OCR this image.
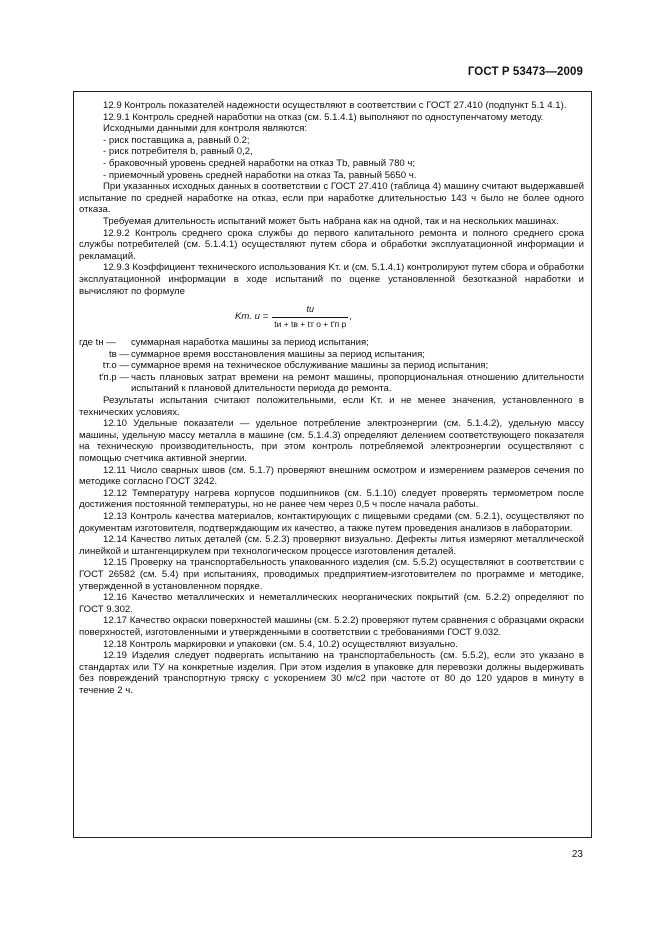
ГОСТ Р 53473—2009

12.9 Контроль показателей надежности осуществляют в соответствии с ГОСТ 27.410 (подпункт 5.1 4.1).

12.9.1 Контроль средней наработки на отказ (см. 5.1.4.1) выполняют по одноступенчатому методу.

Исходными данными для контроля являются:

- риск поставщика a, равный 0.2;

- риск потребителя b, равный 0,2,

- браковочный уровень средней наработки на отказ Tb, равный 780 ч;

- приемочный уровень средней наработки на отказ Ta, равный 5650 ч.

При указанных исходных данных в соответствии с ГОСТ 27.410 (таблица 4) машину считают выдержавшей испытание по средней наработке на отказ, если при наработке длительностью 143 ч было не более одного отказа.

Требуемая длительность испытаний может быть набрана как на одной, так и на нескольких машинах.

12.9.2 Контроль среднего срока службы до первого капитального ремонта и полного среднего срока службы потребителей (см. 5.1.4.1) осуществляют путем сбора и обработки эксплуатационной информации и рекламаций.

12.9.3 Коэффициент технического использования Kт. и (см. 5.1.4.1) контролируют путем сбора и обработки эксплуатационной информации в ходе испытаний по оценке установленной безотказной наработки и вычисляют по формуле

Kт. $и = \frac{tи}{\text{tи + tв + tт о + t′п р}}$ ,
где tн —	суммарная наработка машины за период испытания;
tв — суммарное время восстановления машины за период испытания;
tт.о — суммарное время на техническое обслуживание машины за период испытания;
t′п.р — часть плановых затрат времени на ремонт машины, пропорциональная отношению длительности испытаний к плановой длительности периода до ремонта.

Результаты испытания считают положительными, если Kт. и не менее значения, установленного в технических условиях.

12.10 Удельные показатели — удельное потребление электроэнергии (см. 5.1.4.2), удельную массу машины, удельную массу металла в машине (см. 5.1.4.3) определяют делением соответствующего показателя на техническую производительность, при этом контроль потребляемой электроэнергии осуществляют с помощью счетчика активной энергии.

12.11 Число сварных швов (см. 5.1.7) проверяют внешним осмотром и измерением размеров сечения по методике согласно ГОСТ 3242.

12.12 Температуру нагрева корпусов подшипников (см. 5.1.10) следует проверять термометром после достижения постоянной температуры, но не ранее чем через 0,5 ч после начала работы.

12.13 Контроль качества материалов, контактирующих с пищевыми средами (см. 5.2.1), осуществляют по документам изготовителя, подтверждающим их качество, а также путем проведения анализов в лаборатории.

12.14 Качество литых деталей (см. 5.2.3) проверяют визуально. Дефекты литья измеряют металлической линейкой и штангенциркулем при технологическом процессе изготовления деталей.

12.15 Проверку на транспортабельность упакованного изделия (см. 5.5.2) осуществляют в соответствии с ГОСТ 26582 (см. 5.4) при испытаниях, проводимых предприятием-изготовителем по программе и методике, утвержденной в установленном порядке.

12.16 Качество металлических и неметаллических неорганических покрытий (см. 5.2.2) определяют по ГОСТ 9.302.

12.17 Качество окраски поверхностей машины (см. 5.2.2) проверяют путем сравнения с образцами окраски поверхностей, изготовленными и утвержденными в соответствии с требованиями ГОСТ 9.032.

12.18 Контроль маркировки и упаковки (см. 5.4, 10.2) осуществляют визуально.

12.19 Изделия следует подвергать испытанию на транспортабельность (см. 5.5.2), если это указано в стандартах или ТУ на конкретные изделия. При этом изделия в упаковке для перевозки должны выдерживать без повреждений транспортную тряску с ускорением 30 м/с2 при частоте от 80 до 120 ударов в минуту в течение 2 ч.

23
